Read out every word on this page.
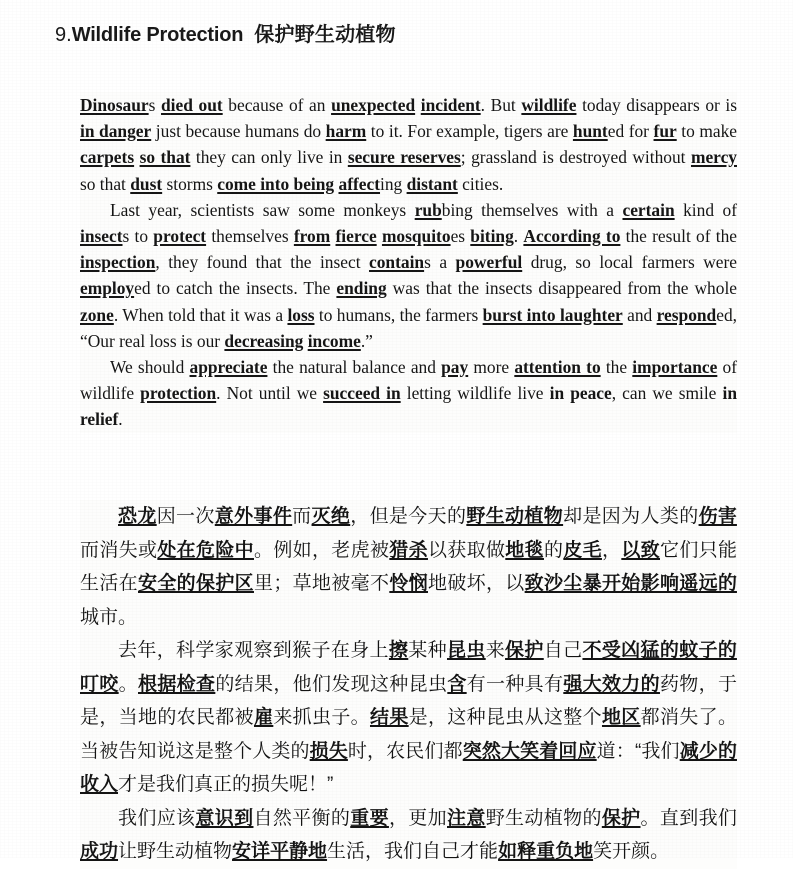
9.Wildlife Protection 保护野生动植物

Dinosaurs died out because of an unexpected incident. But wildlife today disappears or is in danger just because humans do harm to it. For example, tigers are hunted for fur to make carpets so that they can only live in secure reserves; grassland is destroyed without mercy so that dust storms come into being affecting distant cities.

Last year, scientists saw some monkeys rubbing themselves with a certain kind of insects to protect themselves from fierce mosquitoes biting. According to the result of the inspection, they found that the insect contains a powerful drug, so local farmers were employed to catch the insects. The ending was that the insects disappeared from the whole zone. When told that it was a loss to humans, the farmers burst into laughter and responded, “Our real loss is our decreasing income.”

We should appreciate the natural balance and pay more attention to the importance of wildlife protection. Not until we succeed in letting wildlife live in peace, can we smile in relief.

恐龙因一次意外事件而灭绝，但是今天的野生动植物却是因为人类的伤害而消失或处在危险中。例如，老虎被猎杀以获取做地毯的皮毛，以致它们只能生活在安全的保护区里；草地被毫不怜悯地破坏，以致沙尘暴开始影响遥远的城市。

去年，科学家观察到猴子在身上擦某种昆虫来保护自己不受凶猛的蚊子的叮咬。根据检查的结果，他们发现这种昆虫含有一种具有强大效力的药物，于是，当地的农民都被雇来抓虫子。结果是，这种昆虫从这整个地区都消失了。当被告知说这是整个人类的损失时，农民们都突然大笑着回应道：“我们减少的收入才是我们真正的损失呢！”

我们应该意识到自然平衡的重要，更加注意野生动植物的保护。直到我们成功让野生动植物安详平静地生活，我们自己才能如释重负地笑开颜。
